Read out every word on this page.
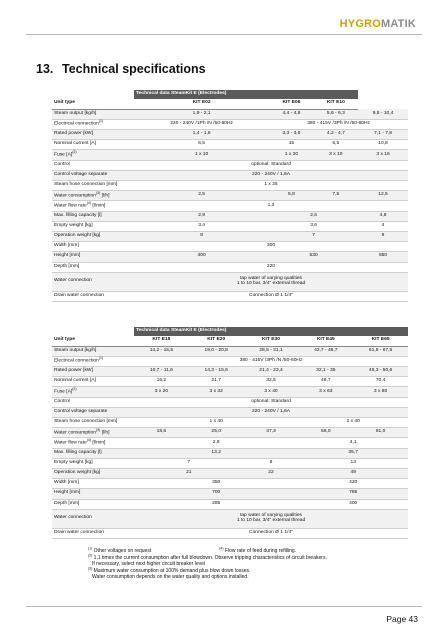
HYGROMATIK
13. Technical specifications
	Technical data SteamKit E (Electrodes)			
Unit type	KIT E02	KIT E06	KIT E10	
Steam output [kg/h]	1,9 - 2,1	4,4 - 4,8	5,6 - 6,3	9,5 - 10,4
Electrical connection$^{(1)}$	220 - 240V /1Ph /N /50-60Hz	380 - 415V /3Ph /N /50-60Hz		
Rated power [kW]	1,4 - 1,6	3,3 - 3,6	4,2 - 4,7	7,1 - 7,8
Nominal current [A]	6,5	15	6,5	10,8
Fuse $[A]^{(2)}$	1 x 10	1 x 20	3 x 10	3 x 16
Control	optional: Standard			
Control voltage separate	220 - 240V / 1,6A			
Steam hose connection [mm]	1 x 25			
Water consumption$^{(3)}$ [l/h]	2,5	5,8	7,5	12,5
Water flow rate$^{(4)}$ [l/min]	1,3			
Max. filling capacity [l]	2,9	2,6		4,8
Empty weight [kg]	3,4	3,6		4
Operation weight [kg]	8	7		9
Width [mm]	300			
Height [mm]	400	530		550
Depth [mm]	220			
Water connection	tap water of varying qualities
1 to 10 bar, 3/4" external thread			
Drain water connection	Connection Ø 1 1/4"			
	Technical data SteamKit E (Electrodes)				
Unit type	KIT E15	KIT E20	KIT E30	KIT E45	KIT E65
Steam output [kg/h]	14,2 - 15,5	19,0 - 20,8	28,5 - 31,1	42,7 - 46,7	61,8 - 67,5
Electrical connection$^{(1)}$	380 - 415V /3Ph /N /50-60Hz				
Rated power [kW]	10,7 - 11,6	14,3 - 15,6	21,4 - 23,4	32,1 - 35	46,3 - 50,6
Nominal current [A]	16,2	21,7	32,5	48,7	70,4
Fuse $[A]^{(2)}$	3 x 20	3 x 32	3 x 40	3 x 63	3 x 80
Control	optional: Standard				
Control voltage separate	220 - 240V / 1,6A				
Steam hose connection [mm]	1 x 40			2 x 40	
Water consumption$^{(3)}$ [l/h]	18,6	25,0	37,3	56,0	81,0
Water flow rate$^{(4)}$ [l/min]	2,8			4,1	
Max. filling capacity [l]	13,2			35,7	
Empty weight [kg]	7		8	13	
Operation weight [kg]	21		22	49	
Width [mm]	350			420	
Height [mm]	700			785	
Depth [mm]	285			400	
Water connection	tap water of varying qualities
1 to 10 bar, 3/4" external thread				
Drain water connection	Connection Ø 1 1/4"				
$^{(1)}$ Other voltages on request	$^{(4)}$ Flow rate of feed during refilling.
$^{(2)}$ 1,1 times the current consumption after full blowdown. Observe tripping characteristics of circuit breakers.
If necessary, select next higher circuit breaker level
$^{(3)}$ Maximum water consumption at 100% demand plus blow down losses.
Water consumption depends on the water quality and options installed.
Page 43
